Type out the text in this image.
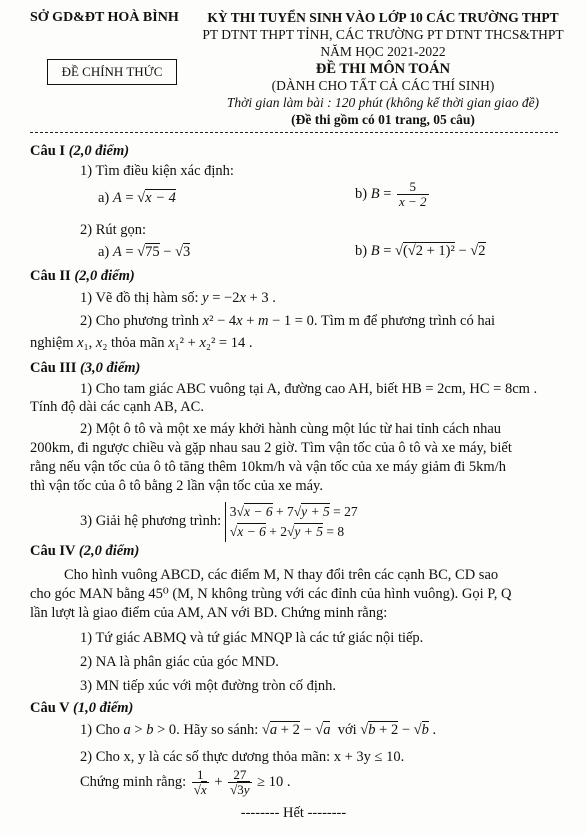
SỞ GD&ĐT HOÀ BÌNH	KỲ THI TUYỂN SINH VÀO LỚP 10 CÁC TRƯỜNG THPT
PT DTNT THPT TỈNH, CÁC TRƯỜNG PT DTNT THCS&THPT
NĂM HỌC 2021-2022
ĐỀ CHÍNH THỨC	ĐỀ THI MÔN TOÁN
(DÀNH CHO TẤT CẢ CÁC THÍ SINH)
Thời gian làm bài : 120 phút (không kể thời gian giao đề)
(Đề thi gồm có 01 trang, 05 câu)
Câu I (2,0 điểm)
1) Tìm điều kiện xác định:
a) A = √x − 4	b) $B = \frac{5}{x - 2}$
2) Rút gọn:
a) A = √75 − √3	b) B = √(√2 + 1)² − √2
Câu II (2,0 điểm)
1) Vẽ đồ thị hàm số: y = −2x + 3 .
2) Cho phương trình x² − 4x + m − 1 = 0. Tìm m để phương trình có hai
nghiệm x₁, x₂ thỏa mãn x₁² + x₂² = 14 .
Câu III (3,0 điểm)
1) Cho tam giác ABC vuông tại A, đường cao AH, biết HB = 2cm, HC = 8cm .
Tính độ dài các cạnh AB, AC.
2) Một ô tô và một xe máy khởi hành cùng một lúc từ hai tỉnh cách nhau
200km, đi ngược chiều và gặp nhau sau 2 giờ. Tìm vận tốc của ô tô và xe máy, biết
rằng nếu vận tốc của ô tô tăng thêm 10km/h và vận tốc của xe máy giảm đi 5km/h
thì vận tốc của ô tô bằng 2 lần vận tốc của xe máy.
3) Giải hệ phương trình: 3√x − 6 + 7√y + 5 = 27
√x − 6 + 2√y + 5 = 8
Câu IV (2,0 điểm)
Cho hình vuông ABCD, các điểm M, N thay đổi trên các cạnh BC, CD sao
cho góc MAN bằng 45⁰ (M, N không trùng với các đỉnh của hình vuông). Gọi P, Q
lần lượt là giao điểm của AM, AN với BD. Chứng minh rằng:
1) Tứ giác ABMQ và tứ giác MNQP là các tứ giác nội tiếp.
2) NA là phân giác của góc MND.
3) MN tiếp xúc với một đường tròn cố định.
Câu V (1,0 điểm)
1) Cho a > b > 0. Hãy so sánh: √a + 2 − √a với √b + 2 − √b .
2) Cho x, y là các số thực dương thỏa mãn: x + 3y ≤ 10.
Chứng minh rằng: $\frac{1}{√x} + \frac{27}{√3y} \ge 10$ .
-------- Hết --------
